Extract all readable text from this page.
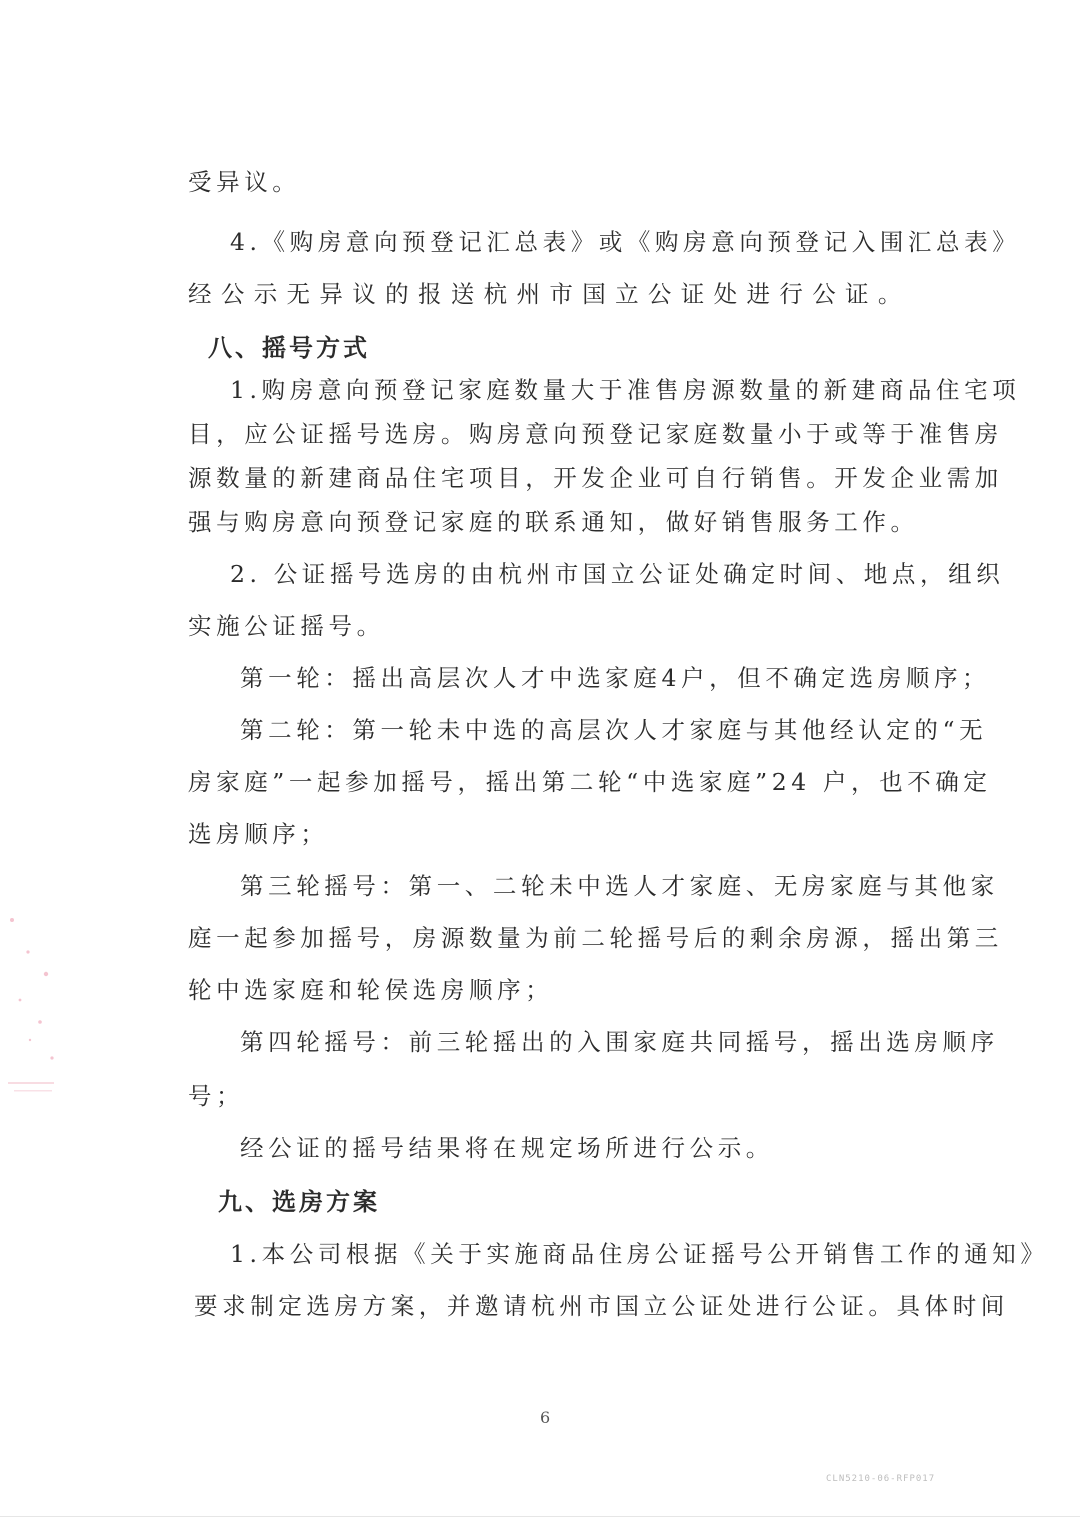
受异议。
4.《购房意向预登记汇总表》或《购房意向预登记入围汇总表》
经公示无异议的报送杭州市国立公证处进行公证。
八、摇号方式
1.购房意向预登记家庭数量大于准售房源数量的新建商品住宅项
目，应公证摇号选房。购房意向预登记家庭数量小于或等于准售房
源数量的新建商品住宅项目，开发企业可自行销售。开发企业需加
强与购房意向预登记家庭的联系通知，做好销售服务工作。
2. 公证摇号选房的由杭州市国立公证处确定时间、地点，组织
实施公证摇号。
第一轮：摇出高层次人才中选家庭4户，但不确定选房顺序；
第二轮：第一轮未中选的高层次人才家庭与其他经认定的“无
房家庭”一起参加摇号，摇出第二轮“中选家庭”24 户，也不确定
选房顺序；
第三轮摇号：第一、二轮未中选人才家庭、无房家庭与其他家
庭一起参加摇号，房源数量为前二轮摇号后的剩余房源，摇出第三
轮中选家庭和轮侯选房顺序；
第四轮摇号：前三轮摇出的入围家庭共同摇号，摇出选房顺序
号；
经公证的摇号结果将在规定场所进行公示。
九、选房方案
1.本公司根据《关于实施商品住房公证摇号公开销售工作的通知》
要求制定选房方案，并邀请杭州市国立公证处进行公证。具体时间
6
CLN5210-06-RFP017
